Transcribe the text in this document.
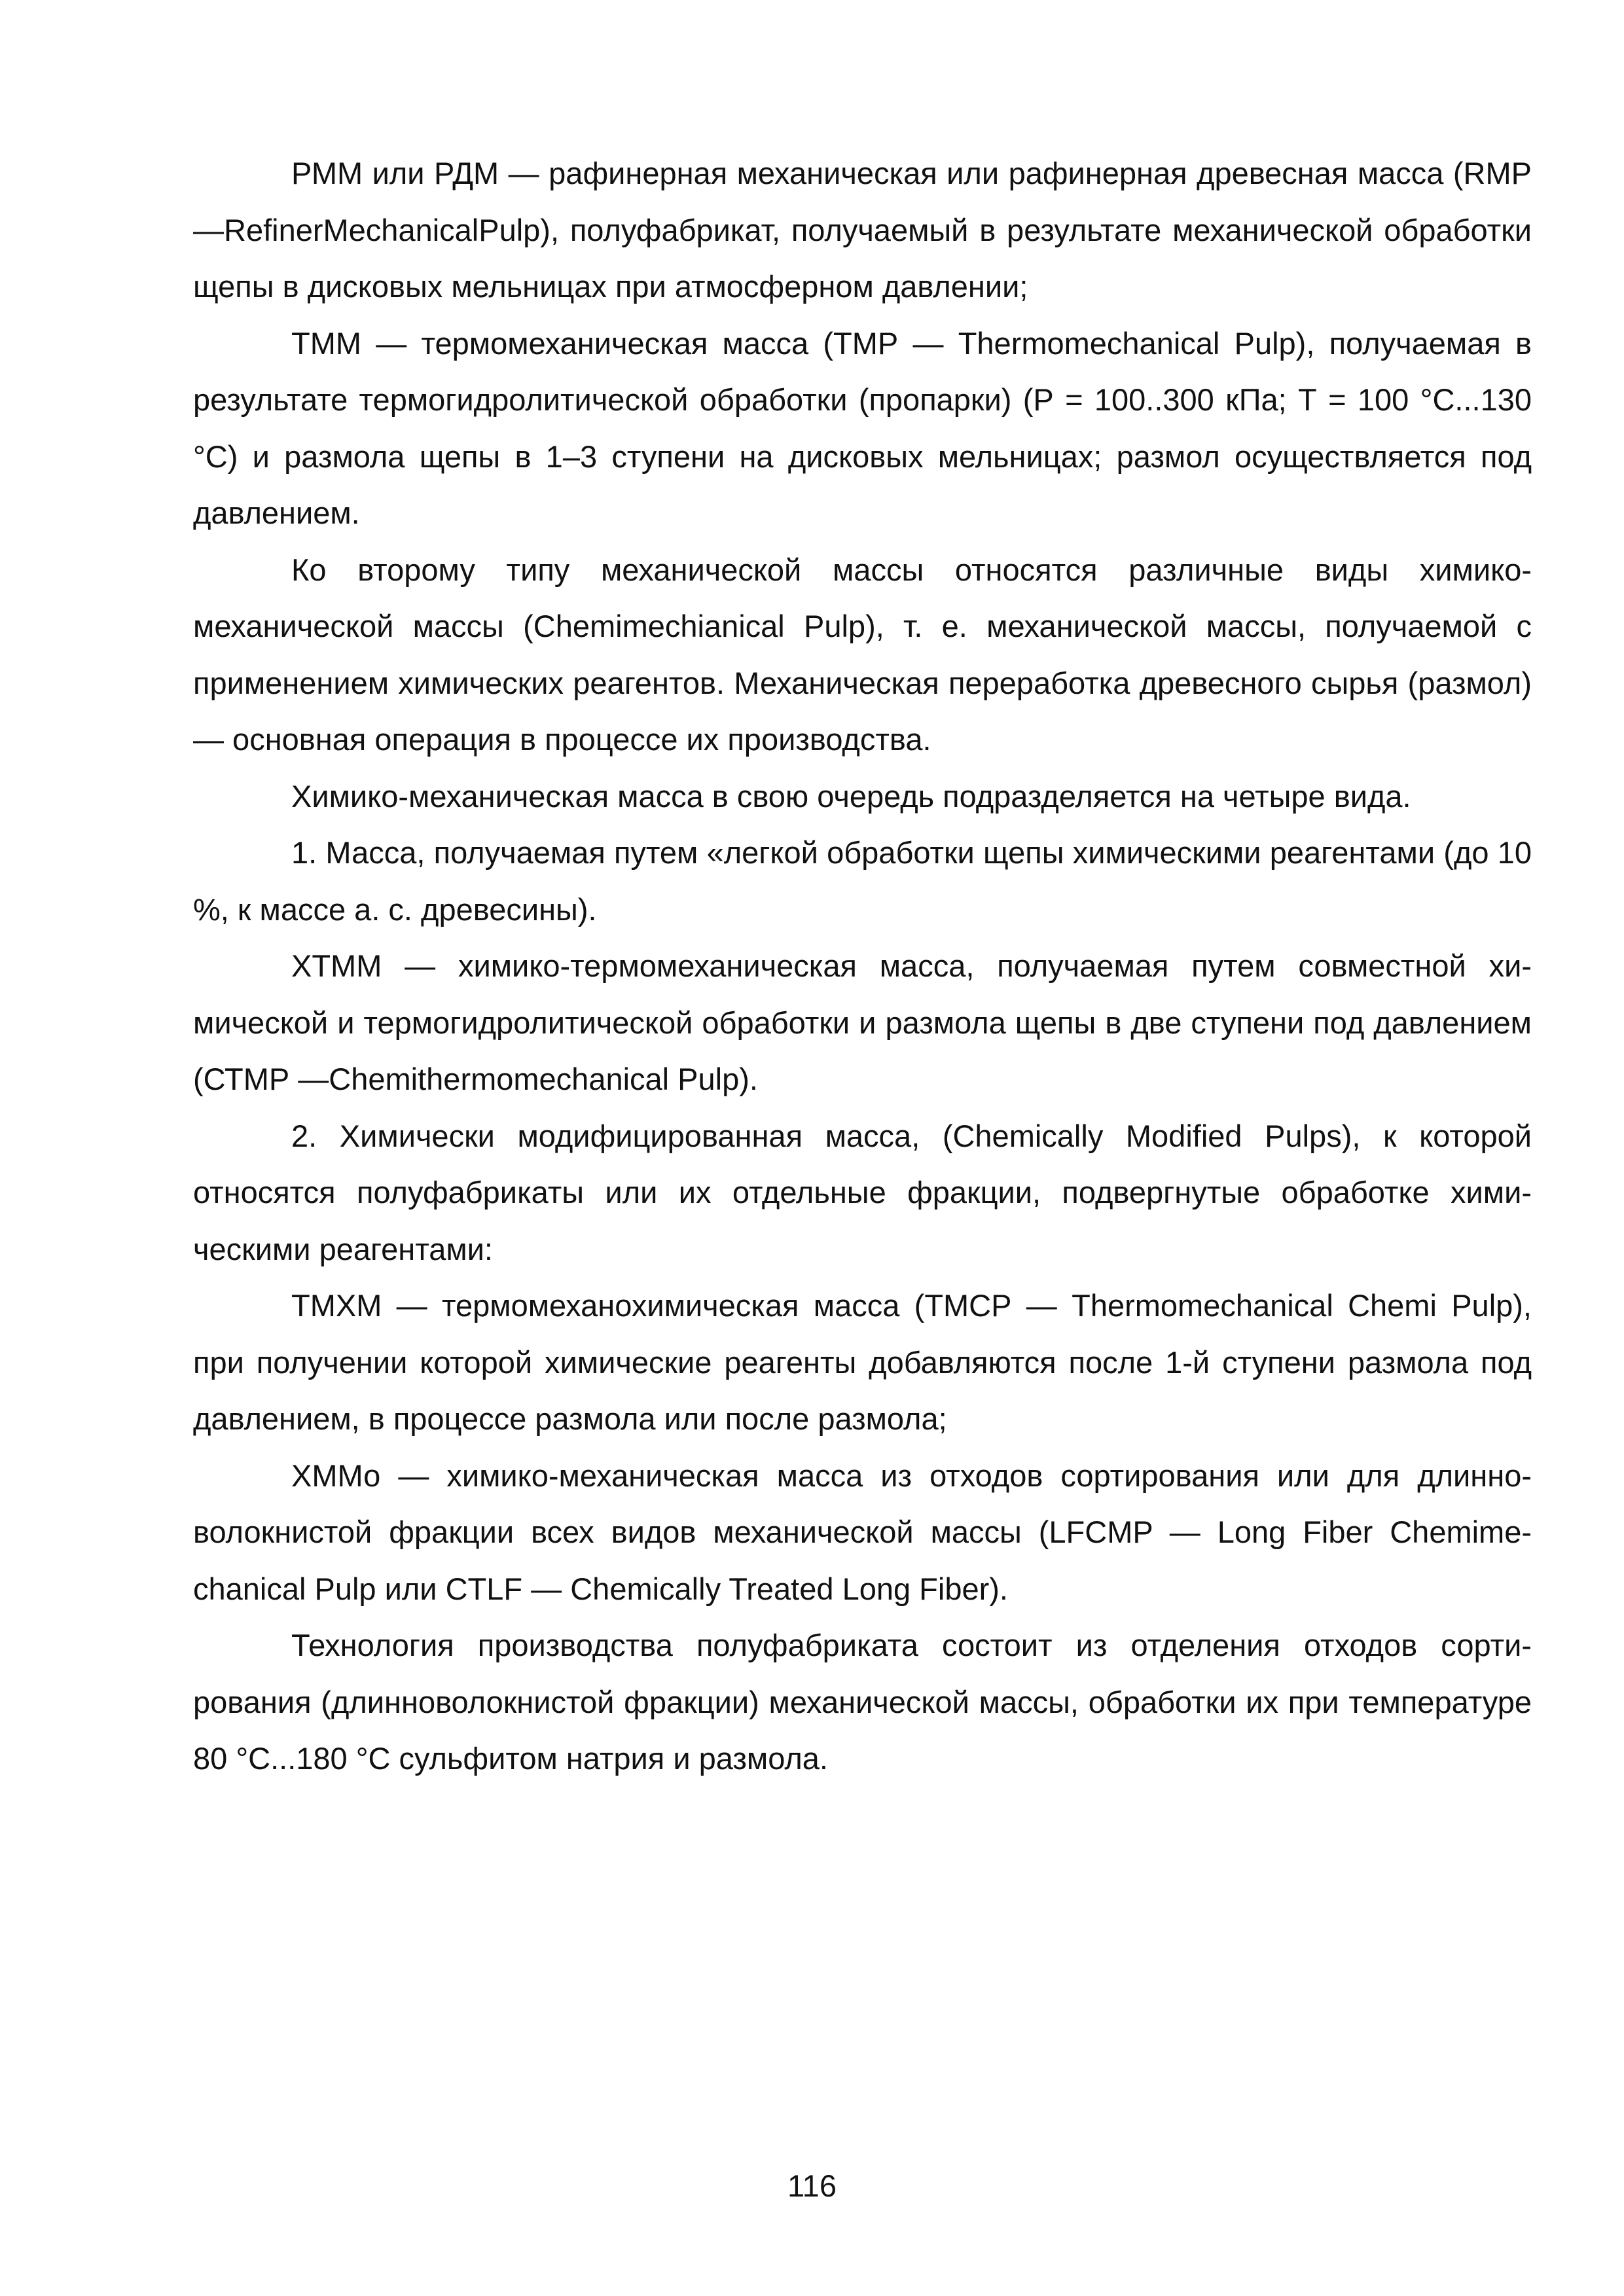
РММ или РДМ — рафинерная механическая или рафинерная древесная масса (RMP —RefinerMechanicalPulp), полуфабрикат, получаемый в результате механической обработки щепы в дисковых мельницах при атмосферном давлении;

ТММ — термомеханическая масса (ТМР — Thermomechanical Pulp), получаемая в результате термогидролитической обработки (пропарки) (Р = 100..300 кПа; Т = 100 °С...130 °С) и размола щепы в 1–3 ступени на дисковых мельницах; размол осуществляется под давлением.

Ко второму типу механической массы относятся различные виды химико-механической массы (Chemimechianical Pulp), т. е. механической массы, получаемой с применением химических реагентов. Механическая переработка древесного сырья (размол) — основная операция в процессе их производства.

Химико-механическая масса в свою очередь подразделяется на четыре вида.

1. Масса, получаемая путем «легкой обработки щепы химическими реагентами (до 10 %, к массе а. с. древесины).

ХТММ — химико-термомеханическая масса, получаемая путем совместной химической и термогидролитической обработки и размола щепы в две ступени под давлением (СТМР —Chemithermomechanical Pulp).

2. Химически модифицированная масса, (Chemically Modified Pulps), к которой относятся полуфабрикаты или их отдельные фракции, подвергнутые обработке химическими реагентами:

ТМХМ — термомеханохимическая масса (ТМСР — Thermomechanical Chemi Pulp), при получении которой химические реагенты добавляются после 1-й ступени размола под давлением, в процессе размола или после размола;

ХММо — химико-механическая масса из отходов сортирования или для длинноволокнистой фракции всех видов механической массы (LFCMP — Long Fiber Chemimechanical Pulp или CTLF — Chemically Treated Long Fiber).

Технология производства полуфабриката состоит из отделения отходов сортирования (длинноволокнистой фракции) механической массы, обработки их при температуре 80 °С...180 °С сульфитом натрия и размола.

116
